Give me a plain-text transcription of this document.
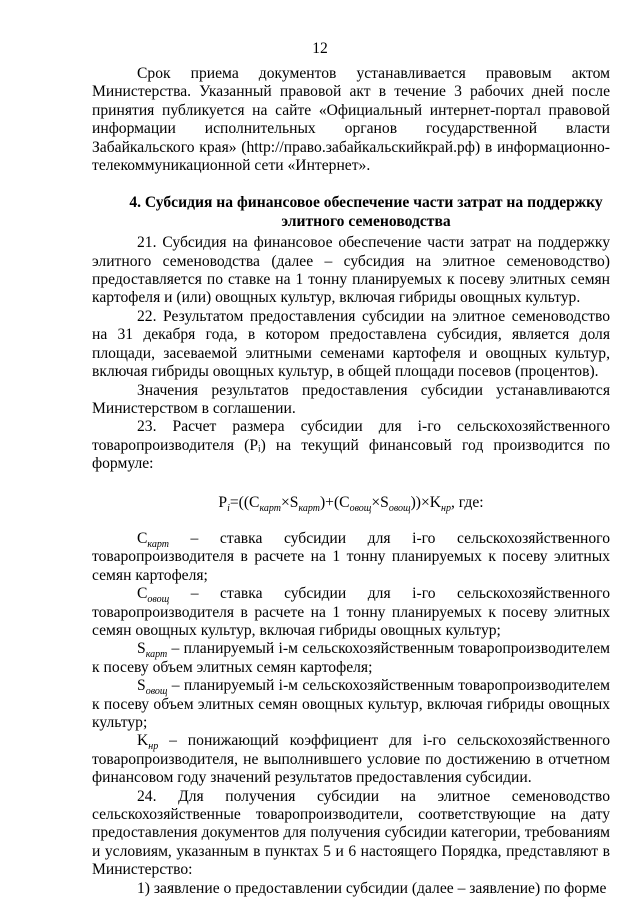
12

Срок приема документов устанавливается правовым актом Министерства. Указанный правовой акт в течение 3 рабочих дней после принятия публикуется на сайте «Официальный интернет-портал правовой информации исполнительных органов государственной власти Забайкальского края» (http://право.забайкальскийкрай.рф) в информационно-телекоммуникационной сети «Интернет».

4. Субсидия на финансовое обеспечение части затрат на поддержку элитного семеноводства

21. Субсидия на финансовое обеспечение части затрат на поддержку элитного семеноводства (далее – субсидия на элитное семеноводство) предоставляется по ставке на 1 тонну планируемых к посеву элитных семян картофеля и (или) овощных культур, включая гибриды овощных культур.

22. Результатом предоставления субсидии на элитное семеноводство на 31 декабря года, в котором предоставлена субсидия, является доля площади, засеваемой элитными семенами картофеля и овощных культур, включая гибриды овощных культур, в общей площади посевов (процентов).

Значения результатов предоставления субсидии устанавливаются Министерством в соглашении.

23. Расчет размера субсидии для i-го сельскохозяйственного товаропроизводителя (Pᵢ) на текущий финансовый год производится по формуле:

$P_i=((C_{карт}\times S_{карт})+(C_{овощ}\times S_{овощ}))\times K_{нр}$, где:

$C_{карт}$ – ставка субсидии для i-го сельскохозяйственного товаропроизводителя в расчете на 1 тонну планируемых к посеву элитных семян картофеля;

$C_{овощ}$ – ставка субсидии для i-го сельскохозяйственного товаропроизводителя в расчете на 1 тонну планируемых к посеву элитных семян овощных культур, включая гибриды овощных культур;

$S_{карт}$ – планируемый i-м сельскохозяйственным товаропроизводителем к посеву объем элитных семян картофеля;

$S_{овощ}$ – планируемый i-м сельскохозяйственным товаропроизводителем к посеву объем элитных семян овощных культур, включая гибриды овощных культур;

$K_{нр}$ – понижающий коэффициент для i-го сельскохозяйственного товаропроизводителя, не выполнившего условие по достижению в отчетном финансовом году значений результатов предоставления субсидии.

24. Для получения субсидии на элитное семеноводство сельскохозяйственные товаропроизводители, соответствующие на дату предоставления документов для получения субсидии категории, требованиям и условиям, указанным в пунктах 5 и 6 настоящего Порядка, представляют в Министерство:

1) заявление о предоставлении субсидии (далее – заявление) по форме
